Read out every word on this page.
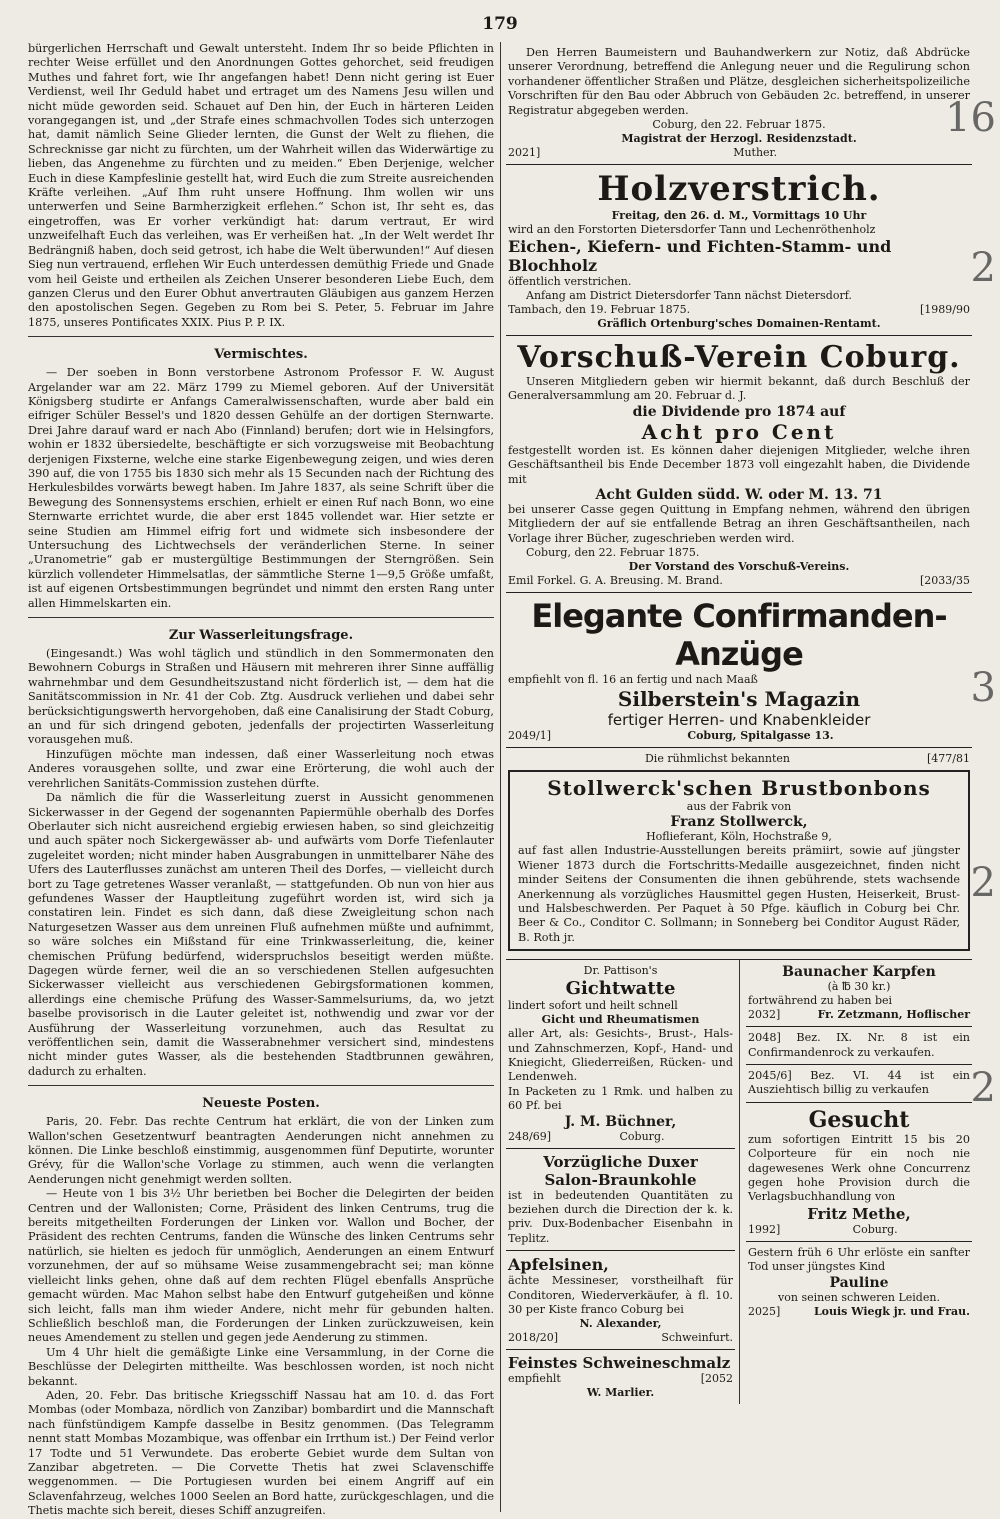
179

bürgerlichen Herrschaft und Gewalt untersteht. Indem Ihr so beide Pflichten in rechter Weise erfüllet und den Anordnungen Gottes gehorchet, seid freudigen Muthes und fahret fort, wie Ihr angefangen habet! Denn nicht gering ist Euer Verdienst, weil Ihr Geduld habet und ertraget um des Namens Jesu willen und nicht müde geworden seid. Schauet auf Den hin, der Euch in härteren Leiden vorangegangen ist, und „der Strafe eines schmachvollen Todes sich unterzogen hat, damit nämlich Seine Glieder lernten, die Gunst der Welt zu fliehen, die Schrecknisse gar nicht zu fürchten, um der Wahrheit willen das Widerwärtige zu lieben, das Angenehme zu fürchten und zu meiden.“ Eben Derjenige, welcher Euch in diese Kampfeslinie gestellt hat, wird Euch die zum Streite ausreichenden Kräfte verleihen. „Auf Ihm ruht unsere Hoffnung. Ihm wollen wir uns unterwerfen und Seine Barmherzigkeit erflehen.“ Schon ist, Ihr seht es, das eingetroffen, was Er vorher verkündigt hat: darum vertraut, Er wird unzweifelhaft Euch das verleihen, was Er verheißen hat. „In der Welt werdet Ihr Bedrängniß haben, doch seid getrost, ich habe die Welt überwunden!“ Auf diesen Sieg nun vertrauend, erflehen Wir Euch unterdessen demüthig Friede und Gnade vom heil Geiste und ertheilen als Zeichen Unserer besonderen Liebe Euch, dem ganzen Clerus und den Eurer Obhut anvertrauten Gläubigen aus ganzem Herzen den apostolischen Segen. Gegeben zu Rom bei S. Peter, 5. Februar im Jahre 1875, unseres Pontificates XXIX. Pius P. P. IX.

Vermischtes.

— Der soeben in Bonn verstorbene Astronom Professor F. W. August Argelander war am 22. März 1799 zu Miemel geboren. Auf der Universität Königsberg studirte er Anfangs Cameralwissenschaften, wurde aber bald ein eifriger Schüler Bessel's und 1820 dessen Gehülfe an der dortigen Sternwarte. Drei Jahre darauf ward er nach Abo (Finnland) berufen; dort wie in Helsingfors, wohin er 1832 übersiedelte, beschäftigte er sich vorzugsweise mit Beobachtung derjenigen Fixsterne, welche eine starke Eigenbewegung zeigen, und wies deren 390 auf, die von 1755 bis 1830 sich mehr als 15 Secunden nach der Richtung des Herkulesbildes vorwärts bewegt haben. Im Jahre 1837, als seine Schrift über die Bewegung des Sonnensystems erschien, erhielt er einen Ruf nach Bonn, wo eine Sternwarte errichtet wurde, die aber erst 1845 vollendet war. Hier setzte er seine Studien am Himmel eifrig fort und widmete sich insbesondere der Untersuchung des Lichtwechsels der veränderlichen Sterne. In seiner „Uranometrie“ gab er mustergültige Bestimmungen der Sterngrößen. Sein kürzlich vollendeter Himmelsatlas, der sämmtliche Sterne 1—9,5 Größe umfaßt, ist auf eigenen Ortsbestimmungen begründet und nimmt den ersten Rang unter allen Himmelskarten ein.

Zur Wasserleitungsfrage.

(Eingesandt.) Was wohl täglich und stündlich in den Sommermonaten den Bewohnern Coburgs in Straßen und Häusern mit mehreren ihrer Sinne auffällig wahrnehmbar und dem Gesundheitszustand nicht förderlich ist, — dem hat die Sanitätscommission in Nr. 41 der Cob. Ztg. Ausdruck verliehen und dabei sehr berücksichtigungswerth hervorgehoben, daß eine Canalisirung der Stadt Coburg, an und für sich dringend geboten, jedenfalls der projectirten Wasserleitung vorausgehen muß.

Hinzufügen möchte man indessen, daß einer Wasserleitung noch etwas Anderes vorausgehen sollte, und zwar eine Erörterung, die wohl auch der verehrlichen Sanitäts-Commission zustehen dürfte.

Da nämlich die für die Wasserleitung zuerst in Aussicht genommenen Sickerwasser in der Gegend der sogenannten Papiermühle oberhalb des Dorfes Oberlauter sich nicht ausreichend ergiebig erwiesen haben, so sind gleichzeitig und auch später noch Sickergewässer ab- und aufwärts vom Dorfe Tiefenlauter zugeleitet worden; nicht minder haben Ausgrabungen in unmittelbarer Nähe des Ufers des Lauterflusses zunächst am unteren Theil des Dorfes, — vielleicht durch bort zu Tage getretenes Wasser veranlaßt, — stattgefunden. Ob nun von hier aus gefundenes Wasser der Hauptleitung zugeführt worden ist, wird sich ja constatiren lein. Findet es sich dann, daß diese Zweigleitung schon nach Naturgesetzen Wasser aus dem unreinen Fluß aufnehmen müßte und aufnimmt, so wäre solches ein Mißstand für eine Trinkwasserleitung, die, keiner chemischen Prüfung bedürfend, widerspruchslos beseitigt werden müßte. Dagegen würde ferner, weil die an so verschiedenen Stellen aufgesuchten Sickerwasser vielleicht aus verschiedenen Gebirgsformationen kommen, allerdings eine chemische Prüfung des Wasser-Sammelsuriums, da, wo jetzt baselbe provisorisch in die Lauter geleitet ist, nothwendig und zwar vor der Ausführung der Wasserleitung vorzunehmen, auch das Resultat zu veröffentlichen sein, damit die Wasserabnehmer versichert sind, mindestens nicht minder gutes Wasser, als die bestehenden Stadtbrunnen gewähren, dadurch zu erhalten.

Neueste Posten.

Paris, 20. Febr. Das rechte Centrum hat erklärt, die von der Linken zum Wallon'schen Gesetzentwurf beantragten Aenderungen nicht annehmen zu können. Die Linke beschloß einstimmig, ausgenommen fünf Deputirte, worunter Grévy, für die Wallon'sche Vorlage zu stimmen, auch wenn die verlangten Aenderungen nicht genehmigt werden sollten.

— Heute von 1 bis 3½ Uhr berietben bei Bocher die Delegirten der beiden Centren und der Wallonisten; Corne, Präsident des linken Centrums, trug die bereits mitgetheilten Forderungen der Linken vor. Wallon und Bocher, der Präsident des rechten Centrums, fanden die Wünsche des linken Centrums sehr natürlich, sie hielten es jedoch für unmöglich, Aenderungen an einem Entwurf vorzunehmen, der auf so mühsame Weise zusammengebracht sei; man könne vielleicht links gehen, ohne daß auf dem rechten Flügel ebenfalls Ansprüche gemacht würden. Mac Mahon selbst habe den Entwurf gutgeheißen und könne sich leicht, falls man ihm wieder Andere, nicht mehr für gebunden halten. Schließlich beschloß man, die Forderungen der Linken zurückzuweisen, kein neues Amendement zu stellen und gegen jede Aenderung zu stimmen.

Um 4 Uhr hielt die gemäßigte Linke eine Versammlung, in der Corne die Beschlüsse der Delegirten mittheilte. Was beschlossen worden, ist noch nicht bekannt.

Aden, 20. Febr. Das britische Kriegsschiff Nassau hat am 10. d. das Fort Mombas (oder Mombaza, nördlich von Zanzibar) bombardirt und die Mannschaft nach fünfstündigem Kampfe dasselbe in Besitz genommen. (Das Telegramm nennt statt Mombas Mozambique, was offenbar ein Irrthum ist.) Der Feind verlor 17 Todte und 51 Verwundete. Das eroberte Gebiet wurde dem Sultan von Zanzibar abgetreten. — Die Corvette Thetis hat zwei Sclavenschiffe weggenommen. — Die Portugiesen wurden bei einem Angriff auf ein Sclavenfahrzeug, welches 1000 Seelen an Bord hatte, zurückgeschlagen, und die Thetis machte sich bereit, dieses Schiff anzugreifen.

Den Herren Baumeistern und Bauhandwerkern zur Notiz, daß Abdrücke unserer Verordnung, betreffend die Anlegung neuer und die Regulirung schon vorhandener öffentlicher Straßen und Plätze, desgleichen sicherheitspolizeiliche Vorschriften für den Bau oder Abbruch von Gebäuden 2c. betreffend, in unserer Registratur abgegeben werden.

Coburg, den 22. Februar 1875.
Magistrat der Herzogl. Residenzstadt.
2021]	Muther.
Holzverstrich.
Freitag, den 26. d. M., Vormittags 10 Uhr
wird an den Forstorten Dietersdorfer Tann und Lechenröthenholz
Eichen-, Kiefern- und Fichten-Stamm- und Blochholz
öffentlich verstrichen.
Anfang am District Dietersdorfer Tann nächst Dietersdorf.
Tambach, den 19. Februar 1875.	[1989/90
Gräflich Ortenburg'sches Domainen-Rentamt.
Vorschuß-Verein Coburg.

Unseren Mitgliedern geben wir hiermit bekannt, daß durch Beschluß der Generalversammlung am 20. Februar d. J.

die Dividende pro 1874 auf
Acht pro Cent

festgestellt worden ist. Es können daher diejenigen Mitglieder, welche ihren Geschäftsantheil bis Ende December 1873 voll eingezahlt haben, die Dividende mit

Acht Gulden südd. W. oder M. 13. 71

bei unserer Casse gegen Quittung in Empfang nehmen, während den übrigen Mitgliedern der auf sie entfallende Betrag an ihren Geschäftsantheilen, nach Vorlage ihrer Bücher, zugeschrieben werden wird.

Coburg, den 22. Februar 1875.
Der Vorstand des Vorschuß-Vereins.
Emil Forkel. G. A. Breusing. M. Brand.	[2033/35
Elegante Confirmanden-Anzüge
empfiehlt von fl. 16 an fertig und nach Maaß
Silberstein's Magazin
fertiger Herren- und Knabenkleider
2049/1]	Coburg, Spitalgasse 13.
Die rühmlichst bekannten	[477/81
Stollwerck'schen Brustbonbons
aus der Fabrik von
Franz Stollwerck,
Hoflieferant, Köln, Hochstraße 9,

auf fast allen Industrie-Ausstellungen bereits prämiirt, sowie auf jüngster Wiener 1873 durch die Fortschritts-Medaille ausgezeichnet, finden nicht minder Seitens der Consumenten die ihnen gebührende, stets wachsende Anerkennung als vorzügliches Hausmittel gegen Husten, Heiserkeit, Brust- und Halsbeschwerden. Per Paquet à 50 Pfge. käuflich in Coburg bei Chr. Beer & Co., Conditor C. Sollmann; in Sonneberg bei Conditor August Räder, B. Roth jr.

Dr. Pattison's
Gichtwatte
lindert sofort und heilt schnell
Gicht und Rheumatismen

aller Art, als: Gesichts-, Brust-, Hals- und Zahnschmerzen, Kopf-, Hand- und Kniegicht, Gliederreißen, Rücken- und Lendenweh.

In Packeten zu 1 Rmk. und halben zu 60 Pf. bei

J. M. Büchner,
248/69]	Coburg.
Vorzügliche Duxer
Salon-Braunkohle

ist in bedeutenden Quantitäten zu beziehen durch die Direction der k. k. priv. Dux-Bodenbacher Eisenbahn in Teplitz.

Apfelsinen,

ächte Messineser, vorstheilhaft für Conditoren, Wiederverkäufer, à fl. 10. 30 per Kiste franco Coburg bei

N. Alexander,
2018/20]	Schweinfurt.
Feinstes Schweineschmalz
empfiehlt	[2052
W. Marlier.
Baunacher Karpfen
(à ℔ 30 kr.)
fortwährend zu haben bei
2032]	Fr. Zetzmann, Hoflischer

2048] Bez. IX. Nr. 8 ist ein Confirmandenrock zu verkaufen.

2045/6] Bez. VI. 44 ist ein Ausziehtisch billig zu verkaufen

Gesucht

zum sofortigen Eintritt 15 bis 20 Colporteure für ein noch nie dagewesenes Werk ohne Concurrenz gegen hohe Provision durch die Verlagsbuchhandlung von

Fritz Methe,
1992]	Coburg.

Gestern früh 6 Uhr erlöste ein sanfter Tod unser jüngstes Kind

Pauline
von seinen schweren Leiden.
2025]	Louis Wiegk jr. und Frau.
16
2
3
2
2
